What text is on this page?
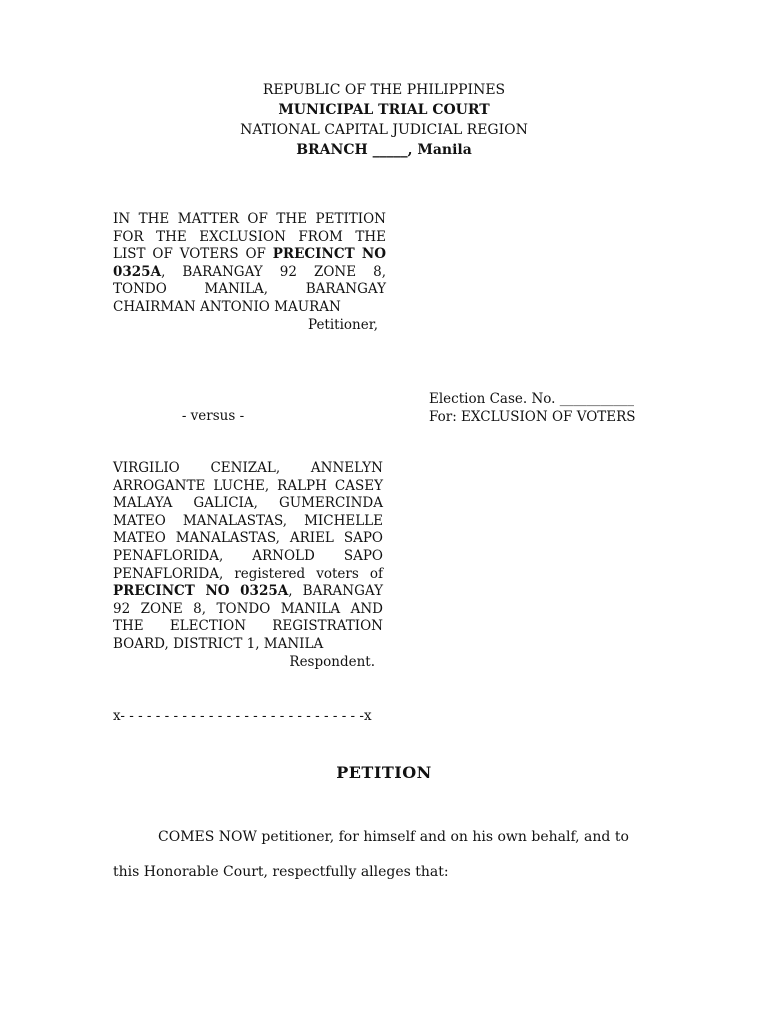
REPUBLIC OF THE PHILIPPINES
MUNICIPAL TRIAL COURT
NATIONAL CAPITAL JUDICIAL REGION
BRANCH _____, Manila
IN THE MATTER OF THE PETITION FOR THE EXCLUSION FROM THE LIST OF VOTERS OF PRECINCT NO 0325A, BARANGAY 92 ZONE 8, TONDO MANILA, BARANGAY CHAIRMAN ANTONIO MAURAN
Petitioner,
Election Case. No. ___________
For: EXCLUSION OF VOTERS
- versus -
VIRGILIO CENIZAL, ANNELYN ARROGANTE LUCHE, RALPH CASEY MALAYA GALICIA, GUMERCINDA MATEO MANALASTAS, MICHELLE MATEO MANALASTAS, ARIEL SAPO PENAFLORIDA, ARNOLD SAPO PENAFLORIDA, registered voters of PRECINCT NO 0325A, BARANGAY 92 ZONE 8, TONDO MANILA AND THE ELECTION REGISTRATION BOARD, DISTRICT 1, MANILA
Respondent.
x- - - - - - - - - - - - - - - - - - - - - - - - - - - -x
PETITION
COMES NOW petitioner, for himself and on his own behalf, and to
this Honorable Court, respectfully alleges that:
